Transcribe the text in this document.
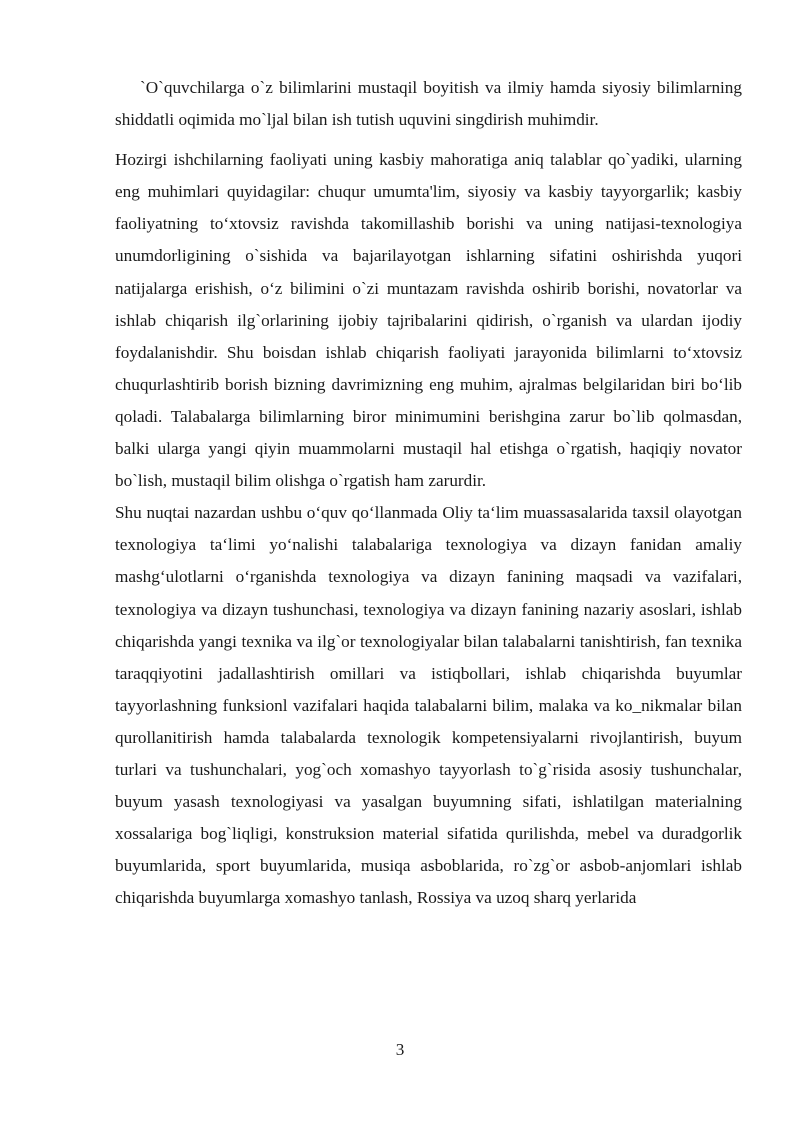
`O`quvchilarga o`z bilimlarini mustaqil boyitish va ilmiy hamda siyosiy bilimlarning shiddatli oqimida mo`ljal bilan ish tutish uquvini singdirish muhimdir.

Hozirgi ishchilarning faoliyati uning kasbiy mahoratiga aniq talablar qo`yadiki, ularning eng muhimlari quyidagilar: chuqur umumta'lim, siyosiy va kasbiy tayyorgarlik; kasbiy faoliyatning to‘xtovsiz ravishda takomillashib borishi va uning natijasi-texnologiya unumdorligining o`sishida va bajarilayotgan ishlarning sifatini oshirishda yuqori natijalarga erishish, o‘z bilimini o`zi muntazam ravishda oshirib borishi, novatorlar va ishlab chiqarish ilg`orlarining ijobiy tajribalarini qidirish, o`rganish va ulardan ijodiy foydalanishdir. Shu boisdan ishlab chiqarish faoliyati jarayonida bilimlarni to‘xtovsiz chuqurlashtirib borish bizning davrimizning eng muhim, ajralmas belgilaridan biri bo‘lib qoladi. Talabalarga bilimlarning biror minimumini berishgina zarur bo`lib qolmasdan, balki ularga yangi qiyin muammolarni mustaqil hal etishga o`rgatish, haqiqiy novator bo`lish, mustaqil bilim olishga o`rgatish ham zarurdir.

Shu nuqtai nazardan ushbu o‘quv qo‘llanmada Oliy ta‘lim muassasalarida taxsil olayotgan texnologiya ta‘limi yo‘nalishi talabalariga texnologiya va dizayn fanidan amaliy mashg‘ulotlarni o‘rganishda texnologiya va dizayn fanining maqsadi va vazifalari, texnologiya va dizayn tushunchasi, texnologiya va dizayn fanining nazariy asoslari, ishlab chiqarishda yangi texnika va ilg`or texnologiyalar bilan talabalarni tanishtirish, fan texnika taraqqiyotini jadallashtirish omillari va istiqbollari, ishlab chiqarishda buyumlar tayyorlashning funksionl vazifalari haqida talabalarni bilim, malaka va ko_nikmalar bilan qurollanitirish hamda talabalarda texnologik kompetensiyalarni rivojlantirish, buyum turlari va tushunchalari, yog`och xomashyo tayyorlash to`g`risida asosiy tushunchalar, buyum yasash texnologiyasi va yasalgan buyumning sifati, ishlatilgan materialning xossalariga bog`liqligi, konstruksion material sifatida qurilishda, mebel va duradgorlik buyumlarida, sport buyumlarida, musiqa asboblarida, ro`zg`or asbob-anjomlari ishlab chiqarishda buyumlarga xomashyo tanlash, Rossiya va uzoq sharq yerlarida

3
